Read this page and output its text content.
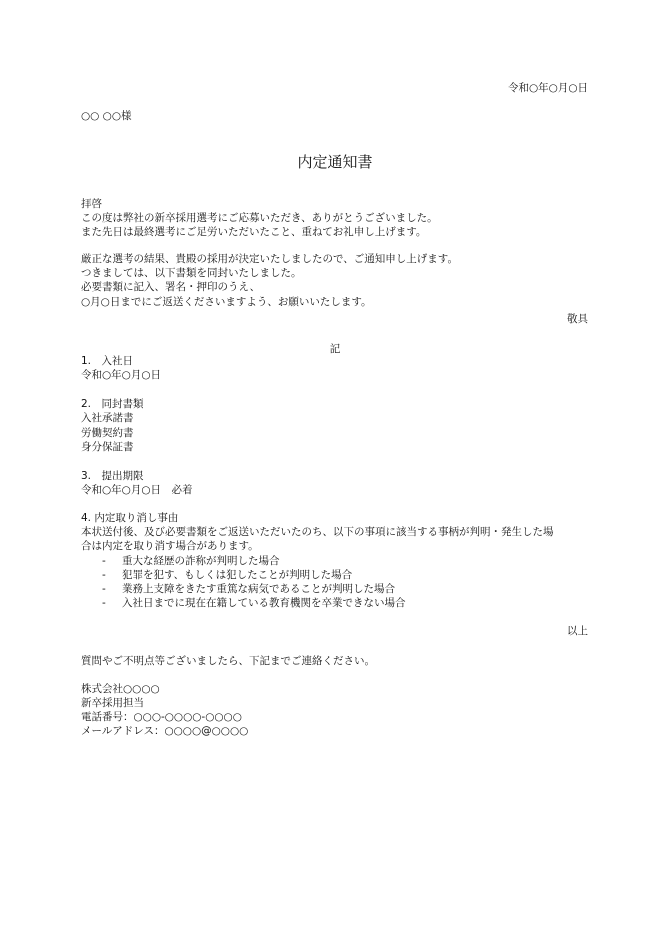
令和○年○月○日
○○ ○○様
内定通知書
拝啓
この度は弊社の新卒採用選考にご応募いただき、ありがとうございました。
また先日は最終選考にご足労いただいたこと、重ねてお礼申し上げます。
厳正な選考の結果、貴殿の採用が決定いたしましたので、ご通知申し上げます。
つきましては、以下書類を同封いたしました。
必要書類に記入、署名・押印のうえ、
○月○日までにご返送くださいますよう、お願いいたします。
敬具
記
1.　入社日
令和○年○月○日
2.　同封書類
入社承諾書
労働契約書
身分保証書
3.　提出期限
令和○年○月○日　必着
4. 内定取り消し事由
本状送付後、及び必要書類をご返送いただいたのち、以下の事項に該当する事柄が判明・発生した場
合は内定を取り消す場合があります。
- 重大な経歴の詐称が判明した場合
- 犯罪を犯す、もしくは犯したことが判明した場合
- 業務上支障をきたす重篤な病気であることが判明した場合
- 入社日までに現在在籍している教育機関を卒業できない場合
以上
質問やご不明点等ございましたら、下記までご連絡ください。
株式会社○○○○
新卒採用担当
電話番号：○○○-○○○○-○○○○
メールアドレス：○○○○@○○○○
